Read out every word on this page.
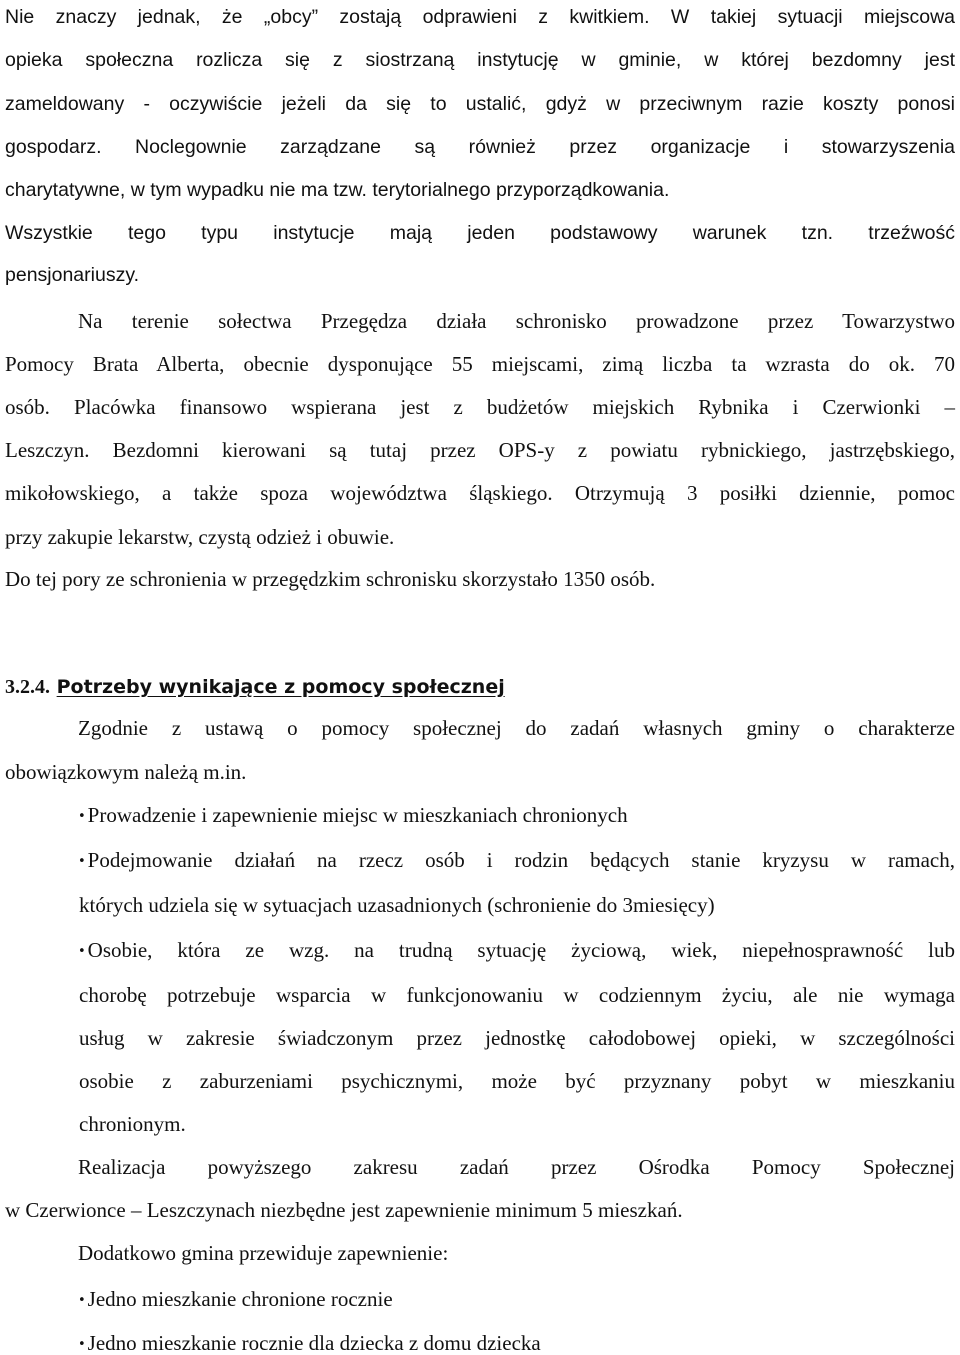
Nie znaczy jednak, że „obcy” zostają odprawieni z kwitkiem. W takiej sytuacji miejscowa
opieka społeczna rozlicza się z siostrzaną instytucję w gminie, w której bezdomny jest
zameldowany - oczywiście jeżeli da się to ustalić, gdyż w przeciwnym razie koszty ponosi
gospodarz. Noclegownie zarządzane są również przez organizacje i stowarzyszenia
charytatywne, w tym wypadku nie ma tzw. terytorialnego przyporządkowania.
Wszystkie tego typu instytucje mają jeden podstawowy warunek tzn. trzeźwość
pensjonariuszy.
Na terenie sołectwa Przegędza działa schronisko prowadzone przez Towarzystwo
Pomocy Brata Alberta, obecnie dysponujące 55 miejscami, zimą liczba ta wzrasta do ok. 70
osób. Placówka finansowo wspierana jest z budżetów miejskich Rybnika i Czerwionki –
Leszczyn. Bezdomni kierowani są tutaj przez OPS-y z powiatu rybnickiego, jastrzębskiego,
mikołowskiego, a także spoza województwa śląskiego. Otrzymują 3 posiłki dziennie, pomoc
przy zakupie lekarstw, czystą odzież i obuwie.
Do tej pory ze schronienia w przegędzkim schronisku skorzystało 1350 osób.
3.2.4. Potrzeby wynikające z pomocy społecznej
Zgodnie z ustawą o pomocy społecznej do zadań własnych gminy o charakterze
obowiązkowym należą m.in.
• Prowadzenie i zapewnienie miejsc w mieszkaniach chronionych
• Podejmowanie działań na rzecz osób i rodzin będących stanie kryzysu w ramach,
których udziela się w sytuacjach uzasadnionych (schronienie do 3miesięcy)
• Osobie, która ze wzg. na trudną sytuację życiową, wiek, niepełnosprawność lub
chorobę potrzebuje wsparcia w funkcjonowaniu w codziennym życiu, ale nie wymaga
usług w zakresie świadczonym przez jednostkę całodobowej opieki, w szczególności
osobie z zaburzeniami psychicznymi, może być przyznany pobyt w mieszkaniu
chronionym.
Realizacja powyższego zakresu zadań przez Ośrodka Pomocy Społecznej
w Czerwionce – Leszczynach niezbędne jest zapewnienie minimum 5 mieszkań.
Dodatkowo gmina przewiduje zapewnienie:
• Jedno mieszkanie chronione rocznie
• Jedno mieszkanie rocznie dla dziecka z domu dziecka
